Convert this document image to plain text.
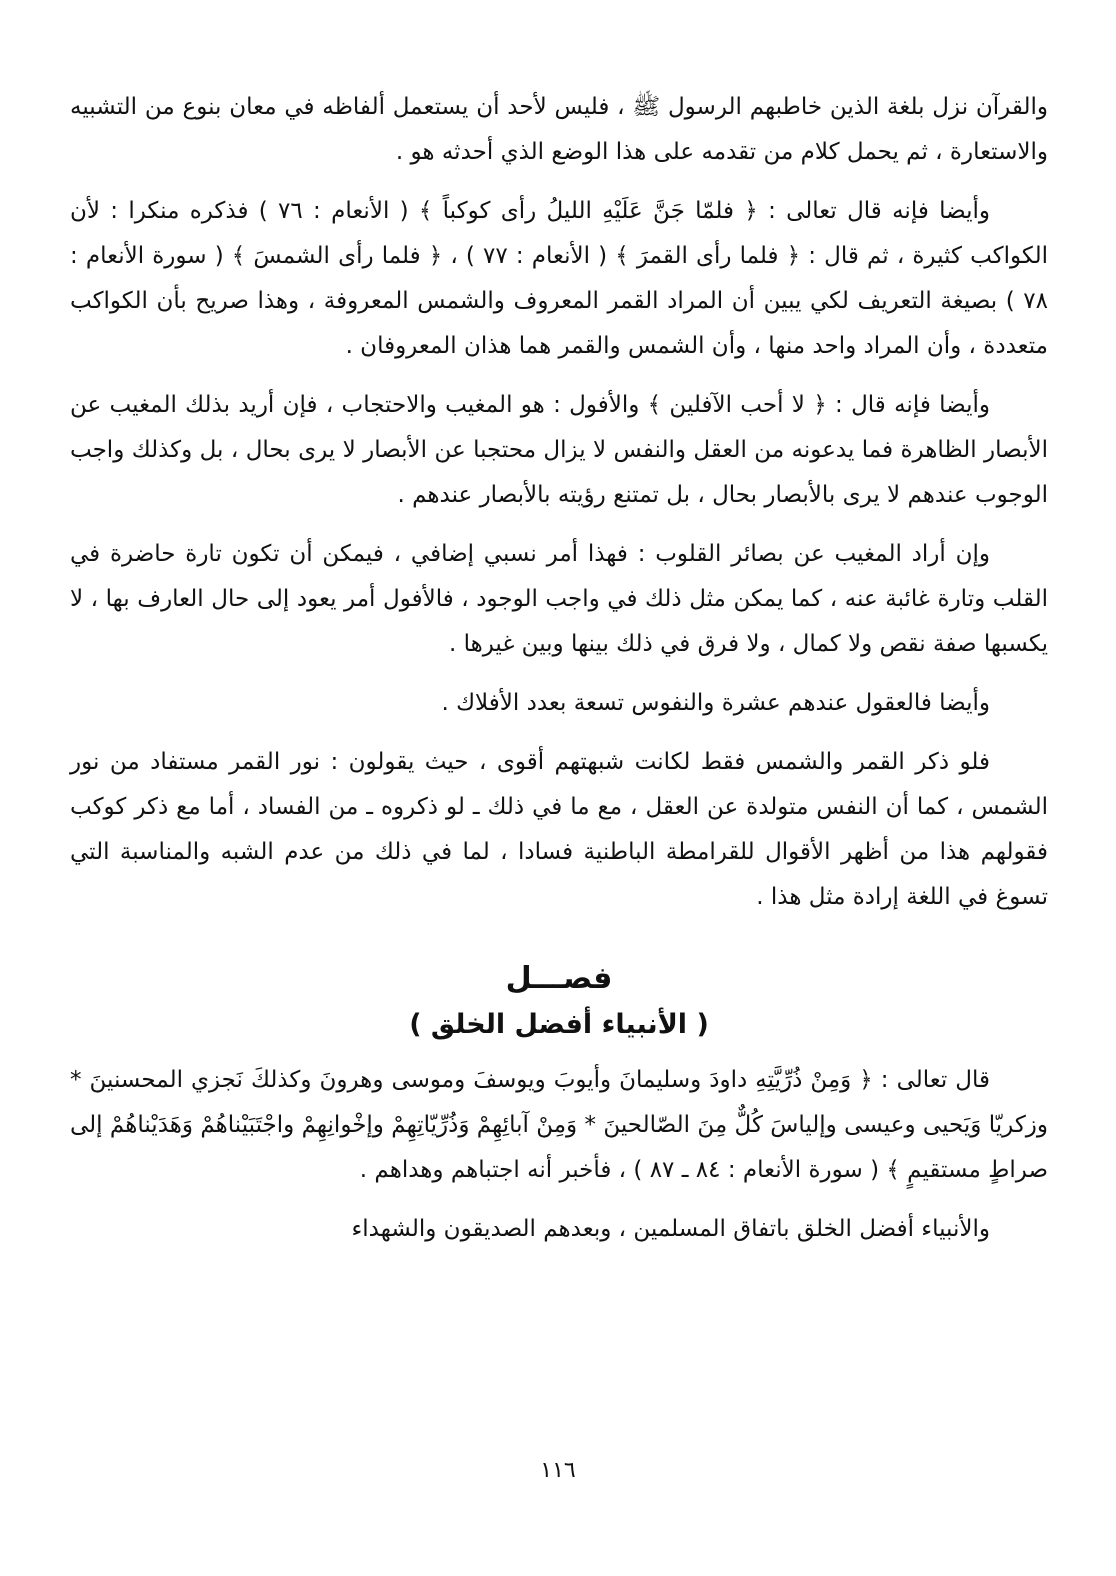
والقرآن نزل بلغة الذين خاطبهم الرسول ﷺ ، فليس لأحد أن يستعمل ألفاظه في معان بنوع من التشبيه والاستعارة ، ثم يحمل كلام من تقدمه على هذا الوضع الذي أحدثه هو .

وأيضا فإنه قال تعالى : ﴿ فلمّا جَنَّ عَلَيْهِ الليلُ رأى كوكباً ﴾ ( الأنعام : ٧٦ ) فذكره منكرا : لأن الكواكب كثيرة ، ثم قال : ﴿ فلما رأى القمرَ ﴾ ( الأنعام : ٧٧ ) ، ﴿ فلما رأى الشمسَ ﴾ ( سورة الأنعام : ٧٨ ) بصيغة التعريف لكي يبين أن المراد القمر المعروف والشمس المعروفة ، وهذا صريح بأن الكواكب متعددة ، وأن المراد واحد منها ، وأن الشمس والقمر هما هذان المعروفان .

وأيضا فإنه قال : ﴿ لا أحب الآفلين ﴾ والأفول : هو المغيب والاحتجاب ، فإن أريد بذلك المغيب عن الأبصار الظاهرة فما يدعونه من العقل والنفس لا يزال محتجبا عن الأبصار لا يرى بحال ، بل وكذلك واجب الوجوب عندهم لا يرى بالأبصار بحال ، بل تمتنع رؤيته بالأبصار عندهم .

وإن أراد المغيب عن بصائر القلوب : فهذا أمر نسبي إضافي ، فيمكن أن تكون تارة حاضرة في القلب وتارة غائبة عنه ، كما يمكن مثل ذلك في واجب الوجود ، فالأفول أمر يعود إلى حال العارف بها ، لا يكسبها صفة نقص ولا كمال ، ولا فرق في ذلك بينها وبين غيرها .

وأيضا فالعقول عندهم عشرة والنفوس تسعة بعدد الأفلاك .

فلو ذكر القمر والشمس فقط لكانت شبهتهم أقوى ، حيث يقولون : نور القمر مستفاد من نور الشمس ، كما أن النفس متولدة عن العقل ، مع ما في ذلك ـ لو ذكروه ـ من الفساد ، أما مع ذكر كوكب فقولهم هذا من أظهر الأقوال للقرامطة الباطنية فسادا ، لما في ذلك من عدم الشبه والمناسبة التي تسوغ في اللغة إرادة مثل هذا .

فصـــل
( الأنبياء أفضل الخلق )

قال تعالى : ﴿ وَمِنْ ذُرِّيَّتِهِ داودَ وسليمانَ وأيوبَ ويوسفَ وموسى وهرونَ وكذلكَ نَجزي المحسنينَ * وزكريّا وَيَحيى وعيسى وإلياسَ كُلٌّ مِنَ الصّالحينَ * وَمِنْ آبائِهِمْ وَذُرِّيّاتِهِمْ وإخْوانِهِمْ واجْتَبَيْناهُمْ وَهَدَيْناهُمْ إلى صراطٍ مستقيمٍ ﴾ ( سورة الأنعام : ٨٤ ـ ٨٧ ) ، فأخبر أنه اجتباهم وهداهم .

والأنبياء أفضل الخلق باتفاق المسلمين ، وبعدهم الصديقون والشهداء

١١٦
